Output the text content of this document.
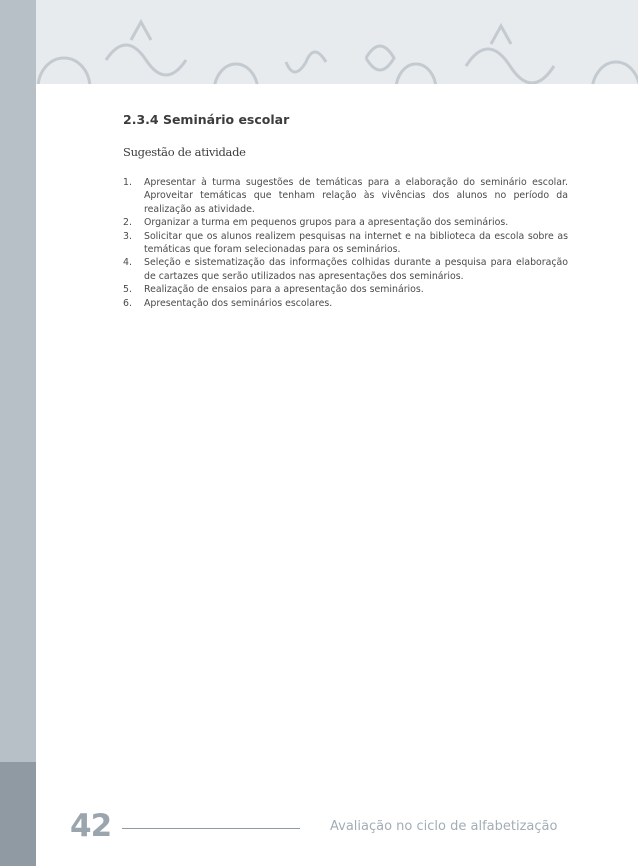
2.3.4 Seminário escolar

Sugestão de atividade

1. Apresentar à turma sugestões de temáticas para a elaboração do seminário escolar. Aproveitar temáticas que tenham relação às vivências dos alunos no período da realização as atividade.
2. Organizar a turma em pequenos grupos para a apresentação dos seminários.
3. Solicitar que os alunos realizem pesquisas na internet e na biblioteca da escola sobre as temáticas que foram selecionadas para os seminários.
4. Seleção e sistematização das informações colhidas durante a pesquisa para elaboração de cartazes que serão utilizados nas apresentações dos seminários.
5. Realização de ensaios para a apresentação dos seminários.
6. Apresentação dos seminários escolares.

42	Avaliação no ciclo de alfabetização
